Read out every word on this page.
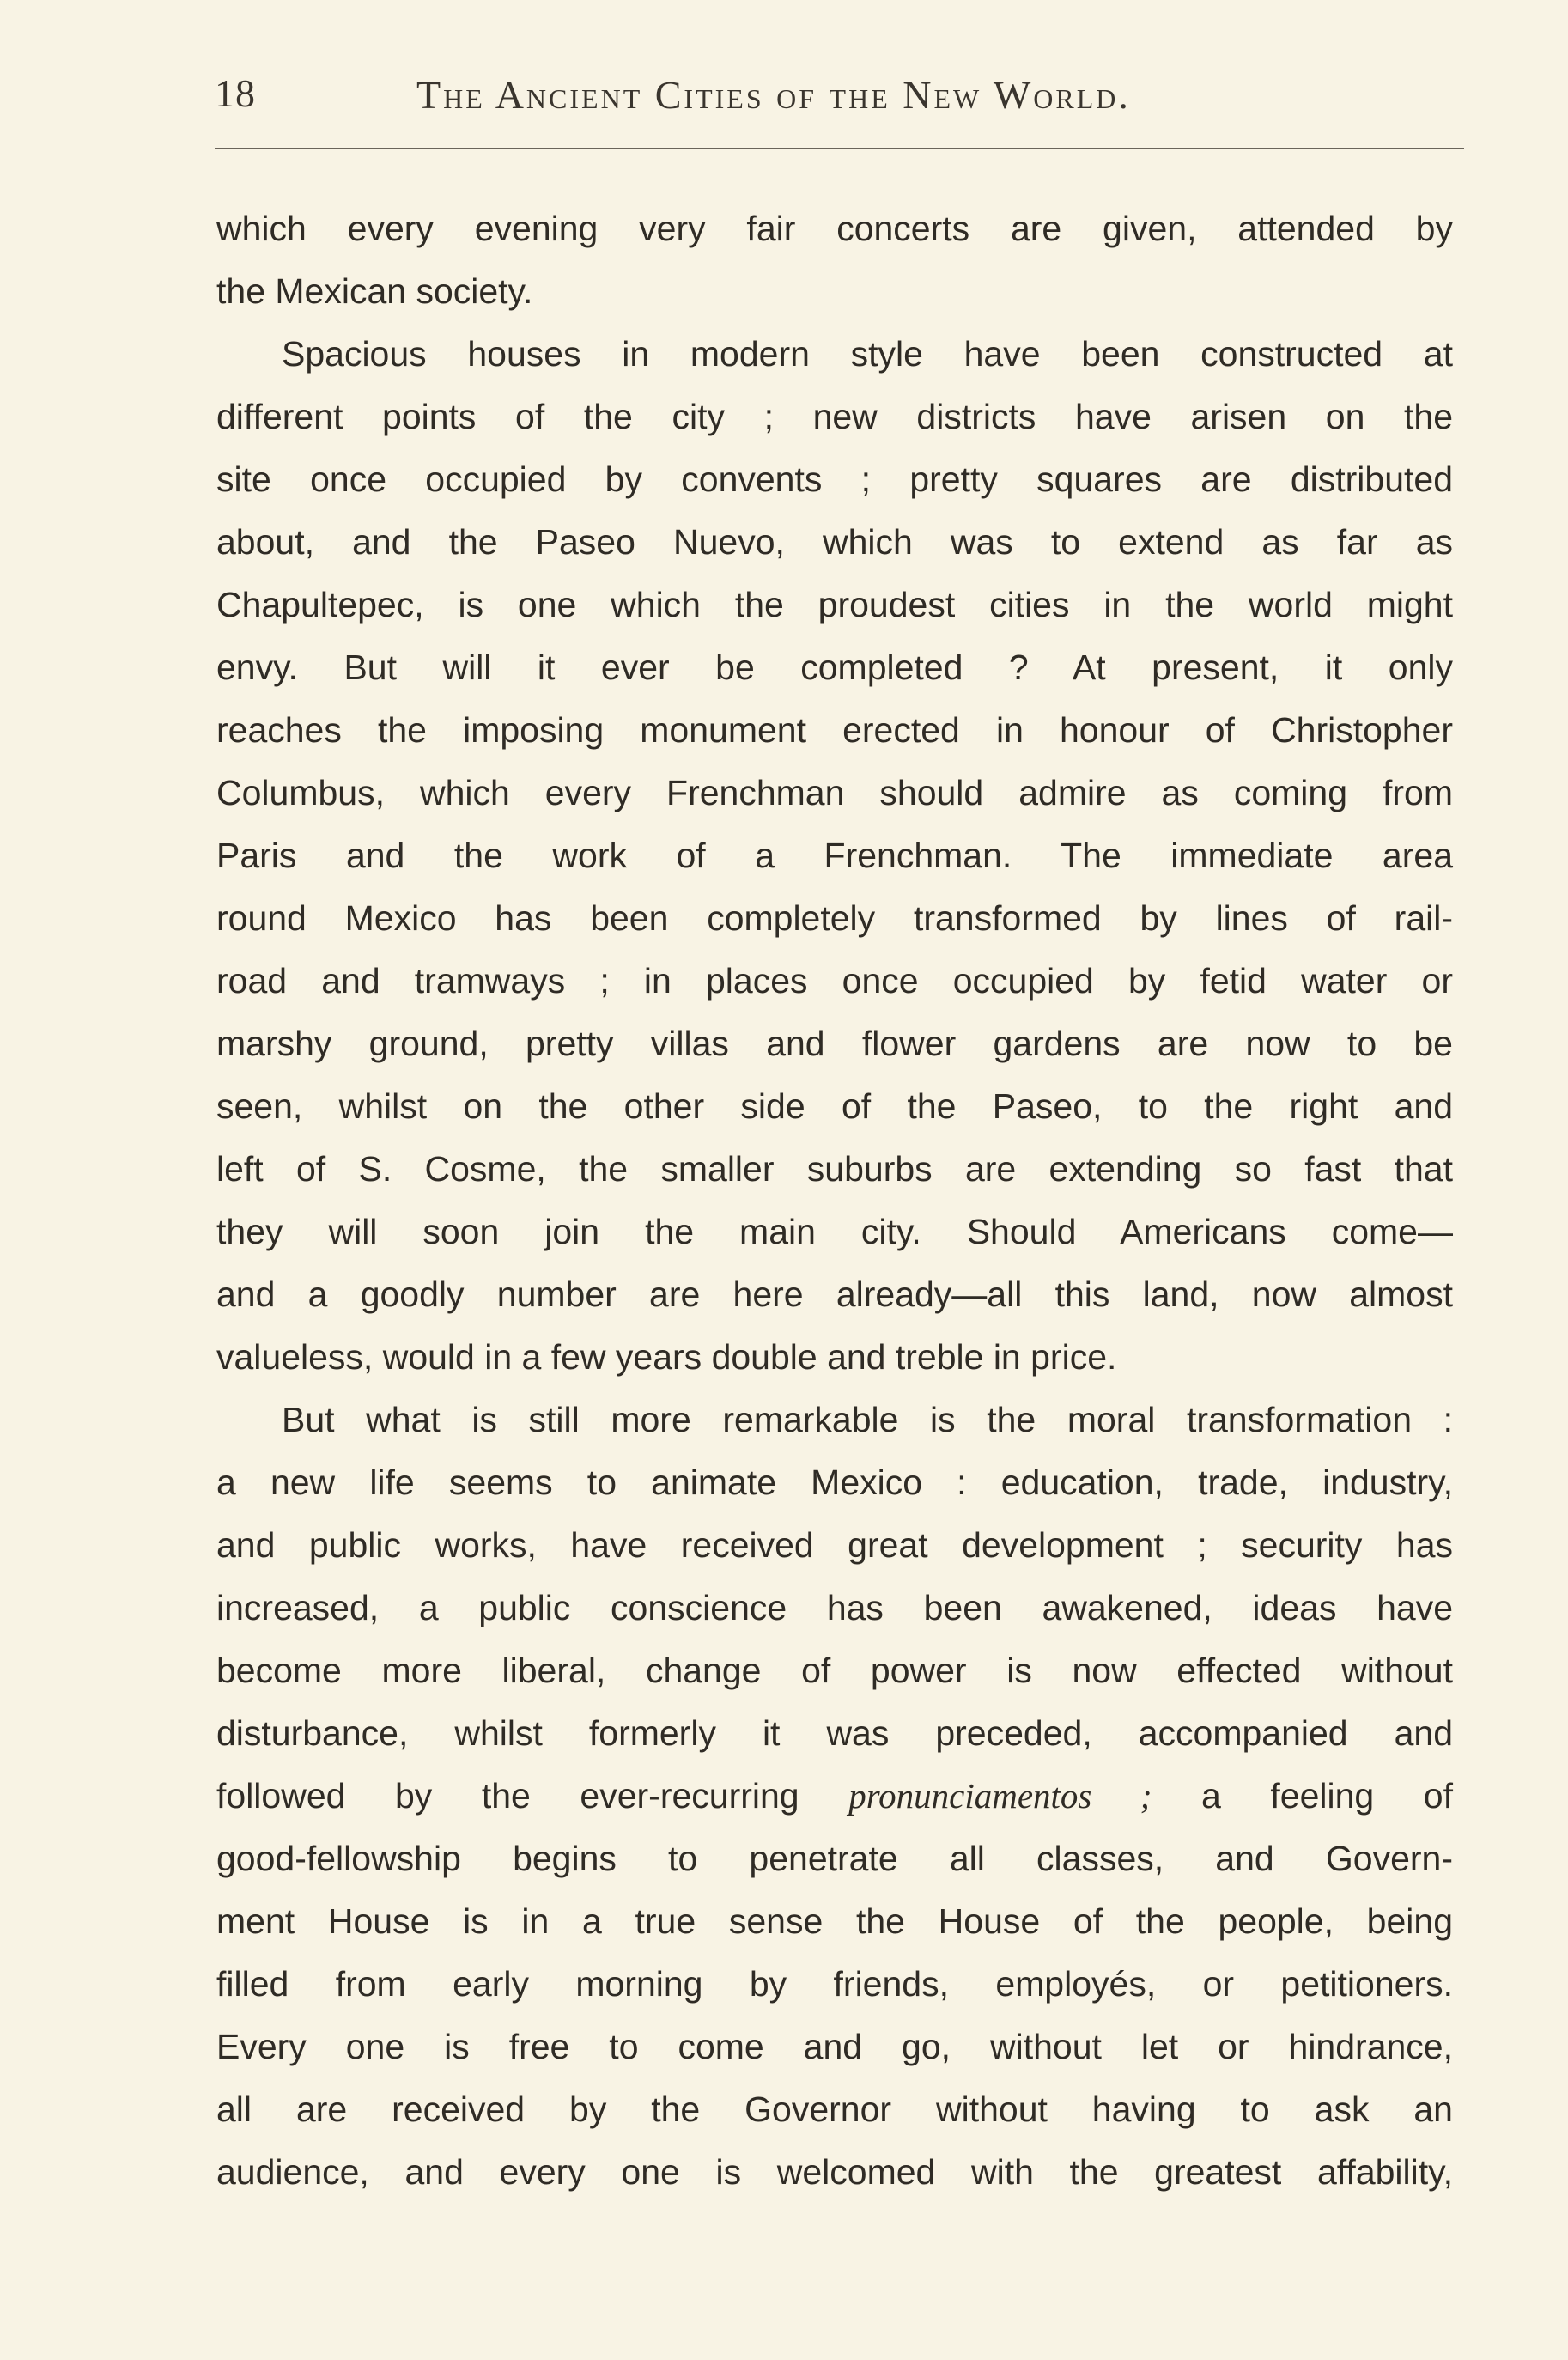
18	The Ancient Cities of the New World.
which every evening very fair concerts are given, attended by
the Mexican society.
Spacious houses in modern style have been constructed at
different points of the city ; new districts have arisen on the
site once occupied by convents ; pretty squares are distributed
about, and the Paseo Nuevo, which was to extend as far as
Chapultepec, is one which the proudest cities in the world might
envy. But will it ever be completed ? At present, it only
reaches the imposing monument erected in honour of Christopher
Columbus, which every Frenchman should admire as coming from
Paris and the work of a Frenchman. The immediate area
round Mexico has been completely transformed by lines of rail-
road and tramways ; in places once occupied by fetid water or
marshy ground, pretty villas and flower gardens are now to be
seen, whilst on the other side of the Paseo, to the right and
left of S. Cosme, the smaller suburbs are extending so fast that
they will soon join the main city. Should Americans come—
and a goodly number are here already—all this land, now almost
valueless, would in a few years double and treble in price.
But what is still more remarkable is the moral transformation :
a new life seems to animate Mexico : education, trade, industry,
and public works, have received great development ; security has
increased, a public conscience has been awakened, ideas have
become more liberal, change of power is now effected without
disturbance, whilst formerly it was preceded, accompanied and
followed by the ever-recurring pronunciamentos ; a feeling of
good-fellowship begins to penetrate all classes, and Govern-
ment House is in a true sense the House of the people, being
filled from early morning by friends, employés, or petitioners.
Every one is free to come and go, without let or hindrance,
all are received by the Governor without having to ask an
audience, and every one is welcomed with the greatest affability,
